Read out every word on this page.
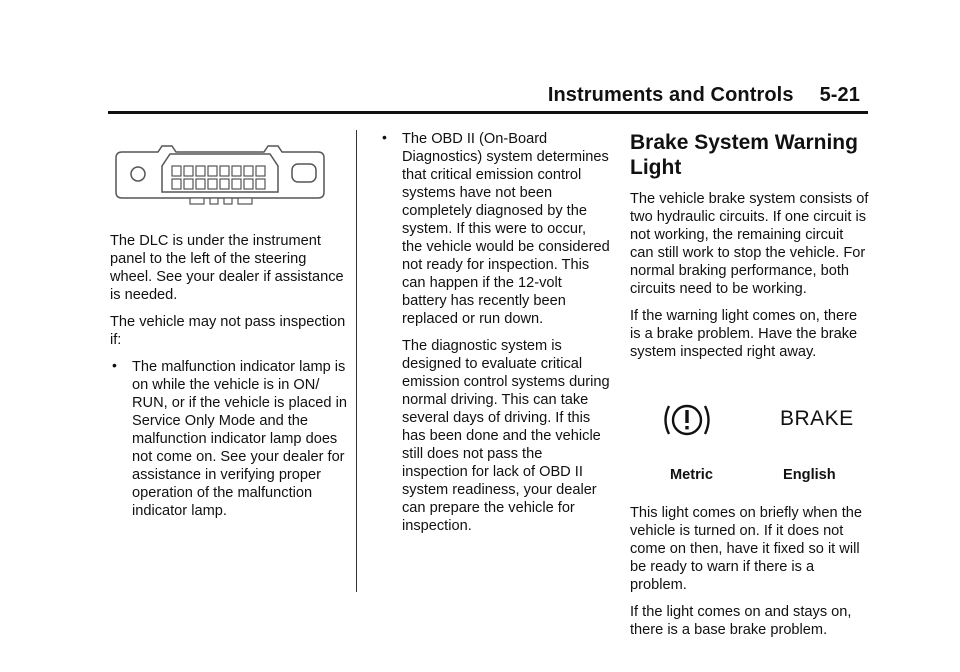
Instruments and Controls 5-21

The DLC is under the instrument panel to the left of the steering wheel. See your dealer if assistance is needed.

The vehicle may not pass inspection if:

• The malfunction indicator lamp is on while the vehicle is in ON/ RUN, or if the vehicle is placed in Service Only Mode and the malfunction indicator lamp does not come on. See your dealer for assistance in verifying proper operation of the malfunction indicator lamp.
• The OBD II (On-Board Diagnostics) system determines that critical emission control systems have not been completely diagnosed by the system. If this were to occur, the vehicle would be considered not ready for inspection. This can happen if the 12-volt battery has recently been replaced or run down.

The diagnostic system is designed to evaluate critical emission control systems during normal driving. This can take several days of driving. If this has been done and the vehicle still does not pass the inspection for lack of OBD II system readiness, your dealer can prepare the vehicle for inspection.

Brake System Warning Light

The vehicle brake system consists of two hydraulic circuits. If one circuit is not working, the remaining circuit can still work to stop the vehicle. For normal braking performance, both circuits need to be working.

If the warning light comes on, there is a brake problem. Have the brake system inspected right away.

BRAKE
Metric	English

This light comes on briefly when the vehicle is turned on. If it does not come on then, have it fixed so it will be ready to warn if there is a problem.

If the light comes on and stays on, there is a base brake problem.
